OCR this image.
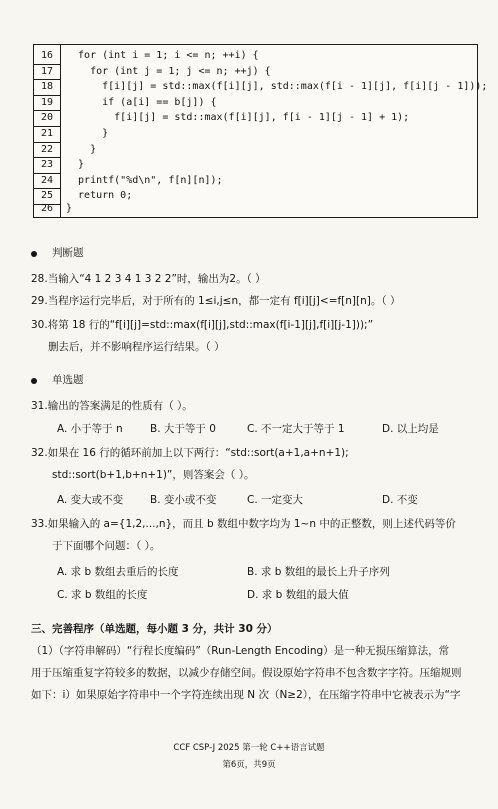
16	for (int i = 1; i <= n; ++i) {
17	for (int j = 1; j <= n; ++j) {
18	f[i][j] = std::max(f[i][j], std::max(f[i - 1][j], f[i][j - 1]));
19	if (a[i] == b[j]) {
20	f[i][j] = std::max(f[i][j], f[i - 1][j - 1] + 1);
21	}
22	}
23	}
24	printf("%d\n", f[n][n]);
25	return 0;
26	}
判断题
28.当输入“4 1 2 3 4 1 3 2 2”时，输出为2。（ ）
29.当程序运行完毕后，对于所有的 1≤i,j≤n，都一定有 f[i][j]<=f[n][n]。（ ）
30.将第 18 行的“f[i][j]=std::max(f[i][j],std::max(f[i-1][j],f[i][j-1]));”
删去后，并不影响程序运行结果。（ ）
单选题
31.输出的答案满足的性质有（ ）。
A. 小于等于 n	B. 大于等于 0	C. 不一定大于等于 1	D. 以上均是
32.如果在 16 行的循环前加上以下两行：“std::sort(a+1,a+n+1);
std::sort(b+1,b+n+1)”，则答案会（ ）。
A. 变大或不变	B. 变小或不变	C. 一定变大	D. 不变
33.如果输入的 a={1,2,...,n}，而且 b 数组中数字均为 1~n 中的正整数，则上述代码等价
于下面哪个问题：（ ）。
A. 求 b 数组去重后的长度	B. 求 b 数组的最长上升子序列
C. 求 b 数组的长度	D. 求 b 数组的最大值
三、完善程序（单选题，每小题 3 分，共计 30 分）
（1）（字符串解码）“行程长度编码”（Run-Length Encoding）是一种无损压缩算法，常
用于压缩重复字符较多的数据，以减少存储空间。假设原始字符串不包含数字字符。压缩规则
如下：i）如果原始字符串中一个字符连续出现 N 次（N≥2），在压缩字符串中它被表示为“字
CCF CSP-J 2025 第一轮 C++语言试题
第6页，共9页
